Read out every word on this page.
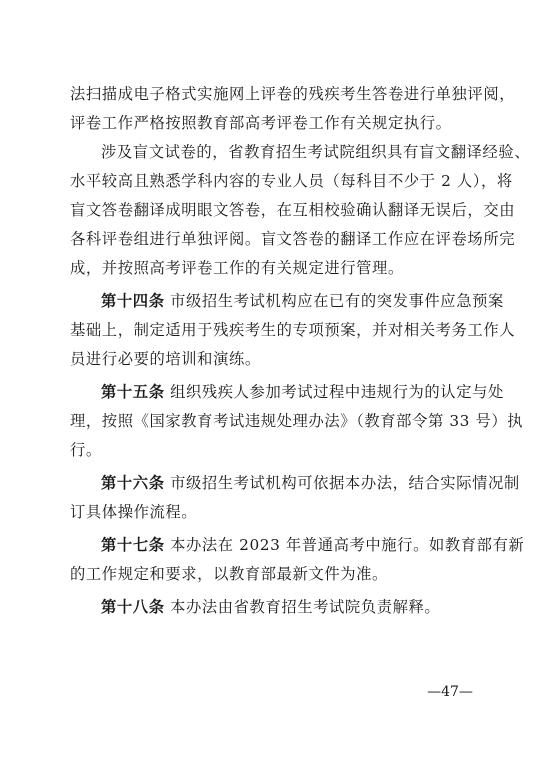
法扫描成电子格式实施网上评卷的残疾考生答卷进行单独评阅，
评卷工作严格按照教育部高考评卷工作有关规定执行。
涉及盲文试卷的，省教育招生考试院组织具有盲文翻译经验、
水平较高且熟悉学科内容的专业人员（每科目不少于 2 人），将
盲文答卷翻译成明眼文答卷，在互相校验确认翻译无误后，交由
各科评卷组进行单独评阅。盲文答卷的翻译工作应在评卷场所完
成，并按照高考评卷工作的有关规定进行管理。
第十四条 市级招生考试机构应在已有的突发事件应急预案
基础上，制定适用于残疾考生的专项预案，并对相关考务工作人
员进行必要的培训和演练。
第十五条 组织残疾人参加考试过程中违规行为的认定与处
理，按照《国家教育考试违规处理办法》（教育部令第 33 号）执
行。
第十六条 市级招生考试机构可依据本办法，结合实际情况制
订具体操作流程。
第十七条 本办法在 2023 年普通高考中施行。如教育部有新
的工作规定和要求，以教育部最新文件为准。
第十八条 本办法由省教育招生考试院负责解释。
—47—
